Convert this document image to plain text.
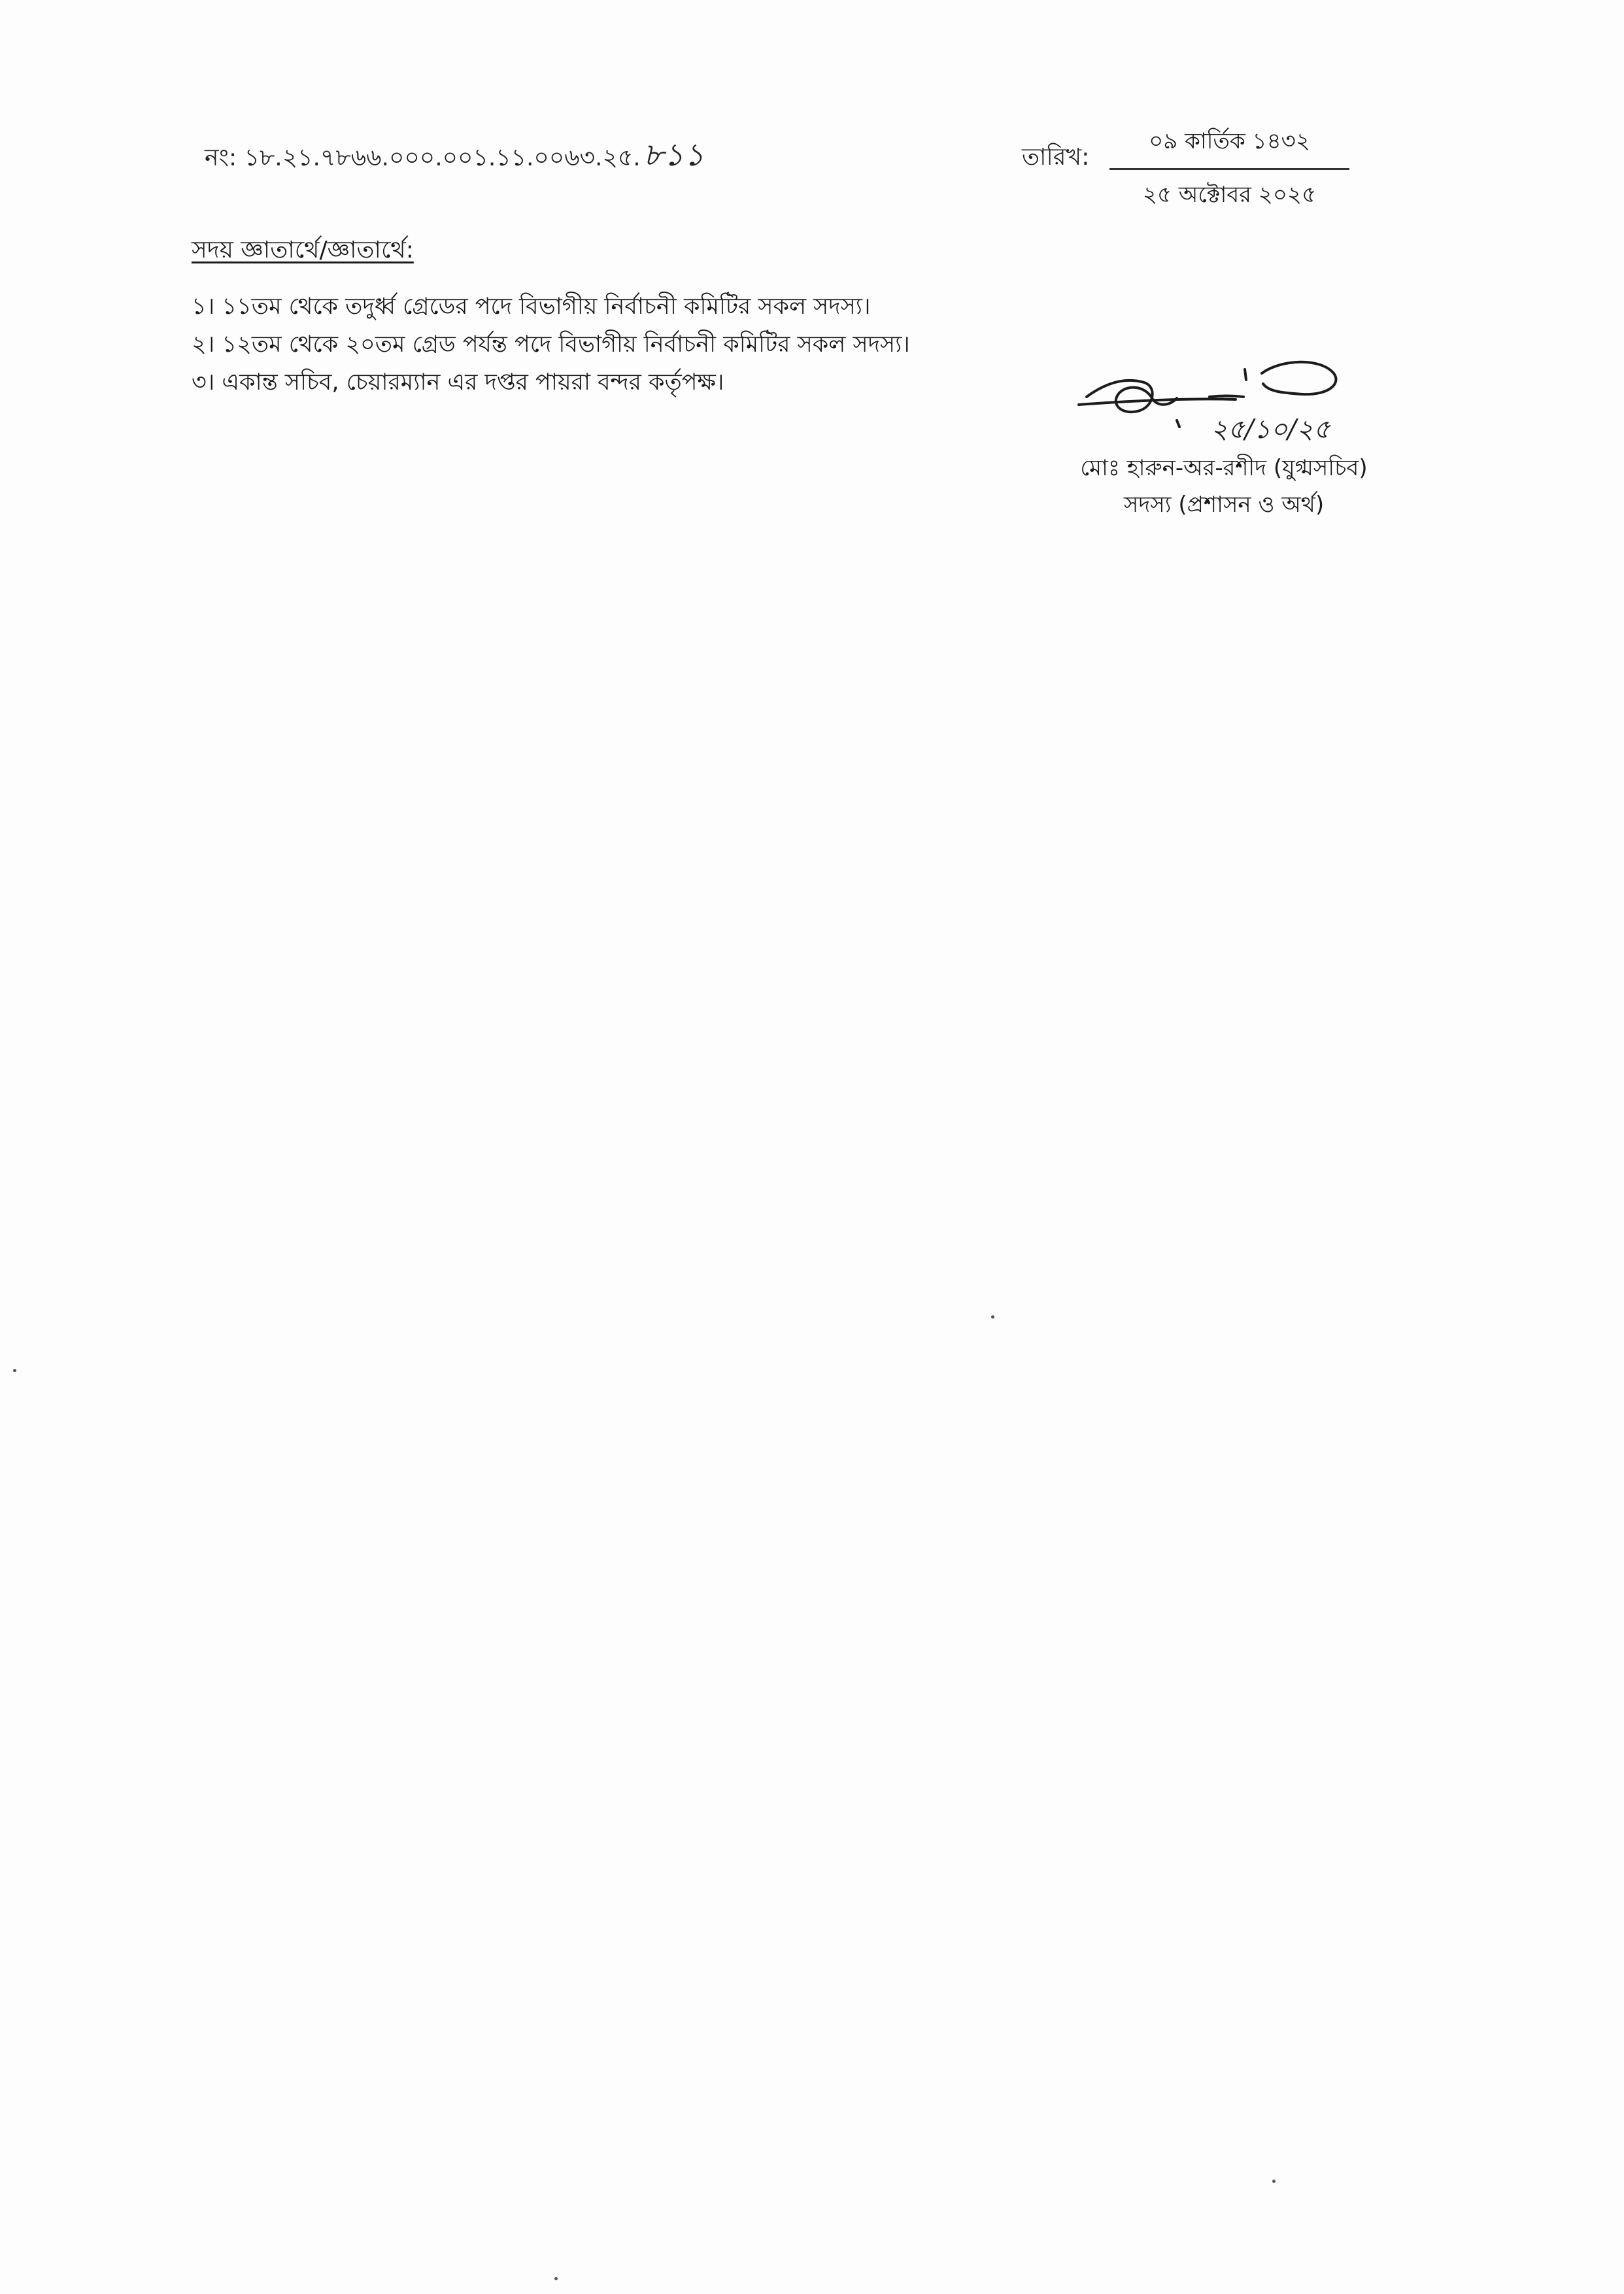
নং: ১৮.২১.৭৮৬৬.০০০.০০১.১১.০০৬৩.২৫.৮১১	তারিখ:
০৯ কার্তিক ১৪৩২
২৫ অক্টোবর ২০২৫
সদয় জ্ঞাতার্থে/জ্ঞাতার্থে:
১। ১১তম থেকে তদুর্ধ্ব গ্রেডের পদে বিভাগীয় নির্বাচনী কমিটির সকল সদস্য।
২। ১২তম থেকে ২০তম গ্রেড পর্যন্ত পদে বিভাগীয় নির্বাচনী কমিটির সকল সদস্য।
৩। একান্ত সচিব, চেয়ারম্যান এর দপ্তর পায়রা বন্দর কর্তৃপক্ষ।
২৫/১০/২৫
মোঃ হারুন-অর-রশীদ (যুগ্মসচিব)
সদস্য (প্রশাসন ও অর্থ)
